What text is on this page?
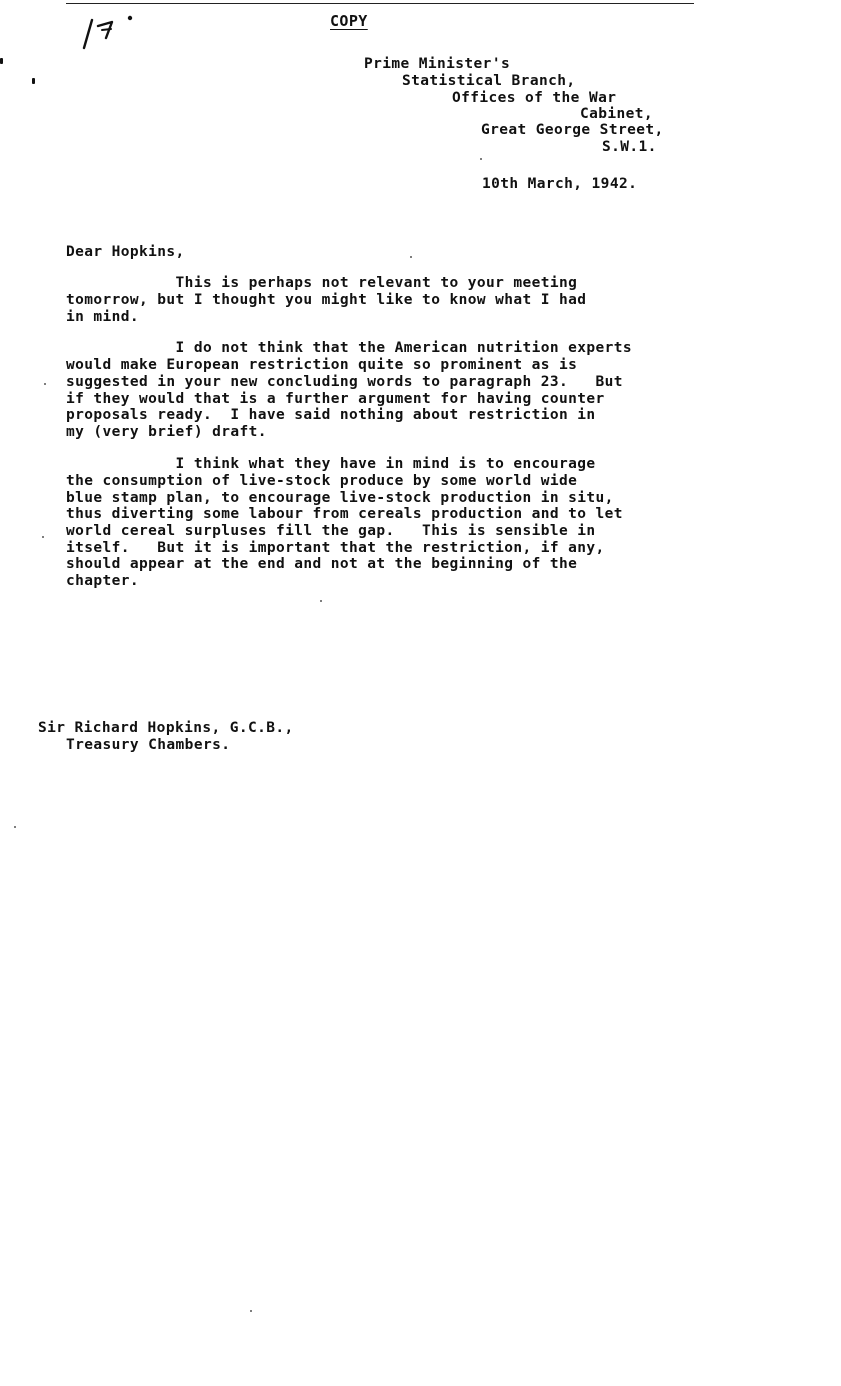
COPY
Prime Minister's
Statistical Branch,
Offices of the War
Cabinet,
Great George Street,
S.W.1.
10th March, 1942.
Dear Hopkins,
This is perhaps not relevant to your meeting
tomorrow, but I thought you might like to know what I had
in mind.
I do not think that the American nutrition experts
would make European restriction quite so prominent as is
suggested in your new concluding words to paragraph 23.   But
if they would that is a further argument for having counter
proposals ready.  I have said nothing about restriction in
my (very brief) draft.
I think what they have in mind is to encourage
the consumption of live-stock produce by some world wide
blue stamp plan, to encourage live-stock production in situ,
thus diverting some labour from cereals production and to let
world cereal surpluses fill the gap.   This is sensible in
itself.   But it is important that the restriction, if any,
should appear at the end and not at the beginning of the
chapter.
Sir Richard Hopkins, G.C.B.,
Treasury Chambers.
